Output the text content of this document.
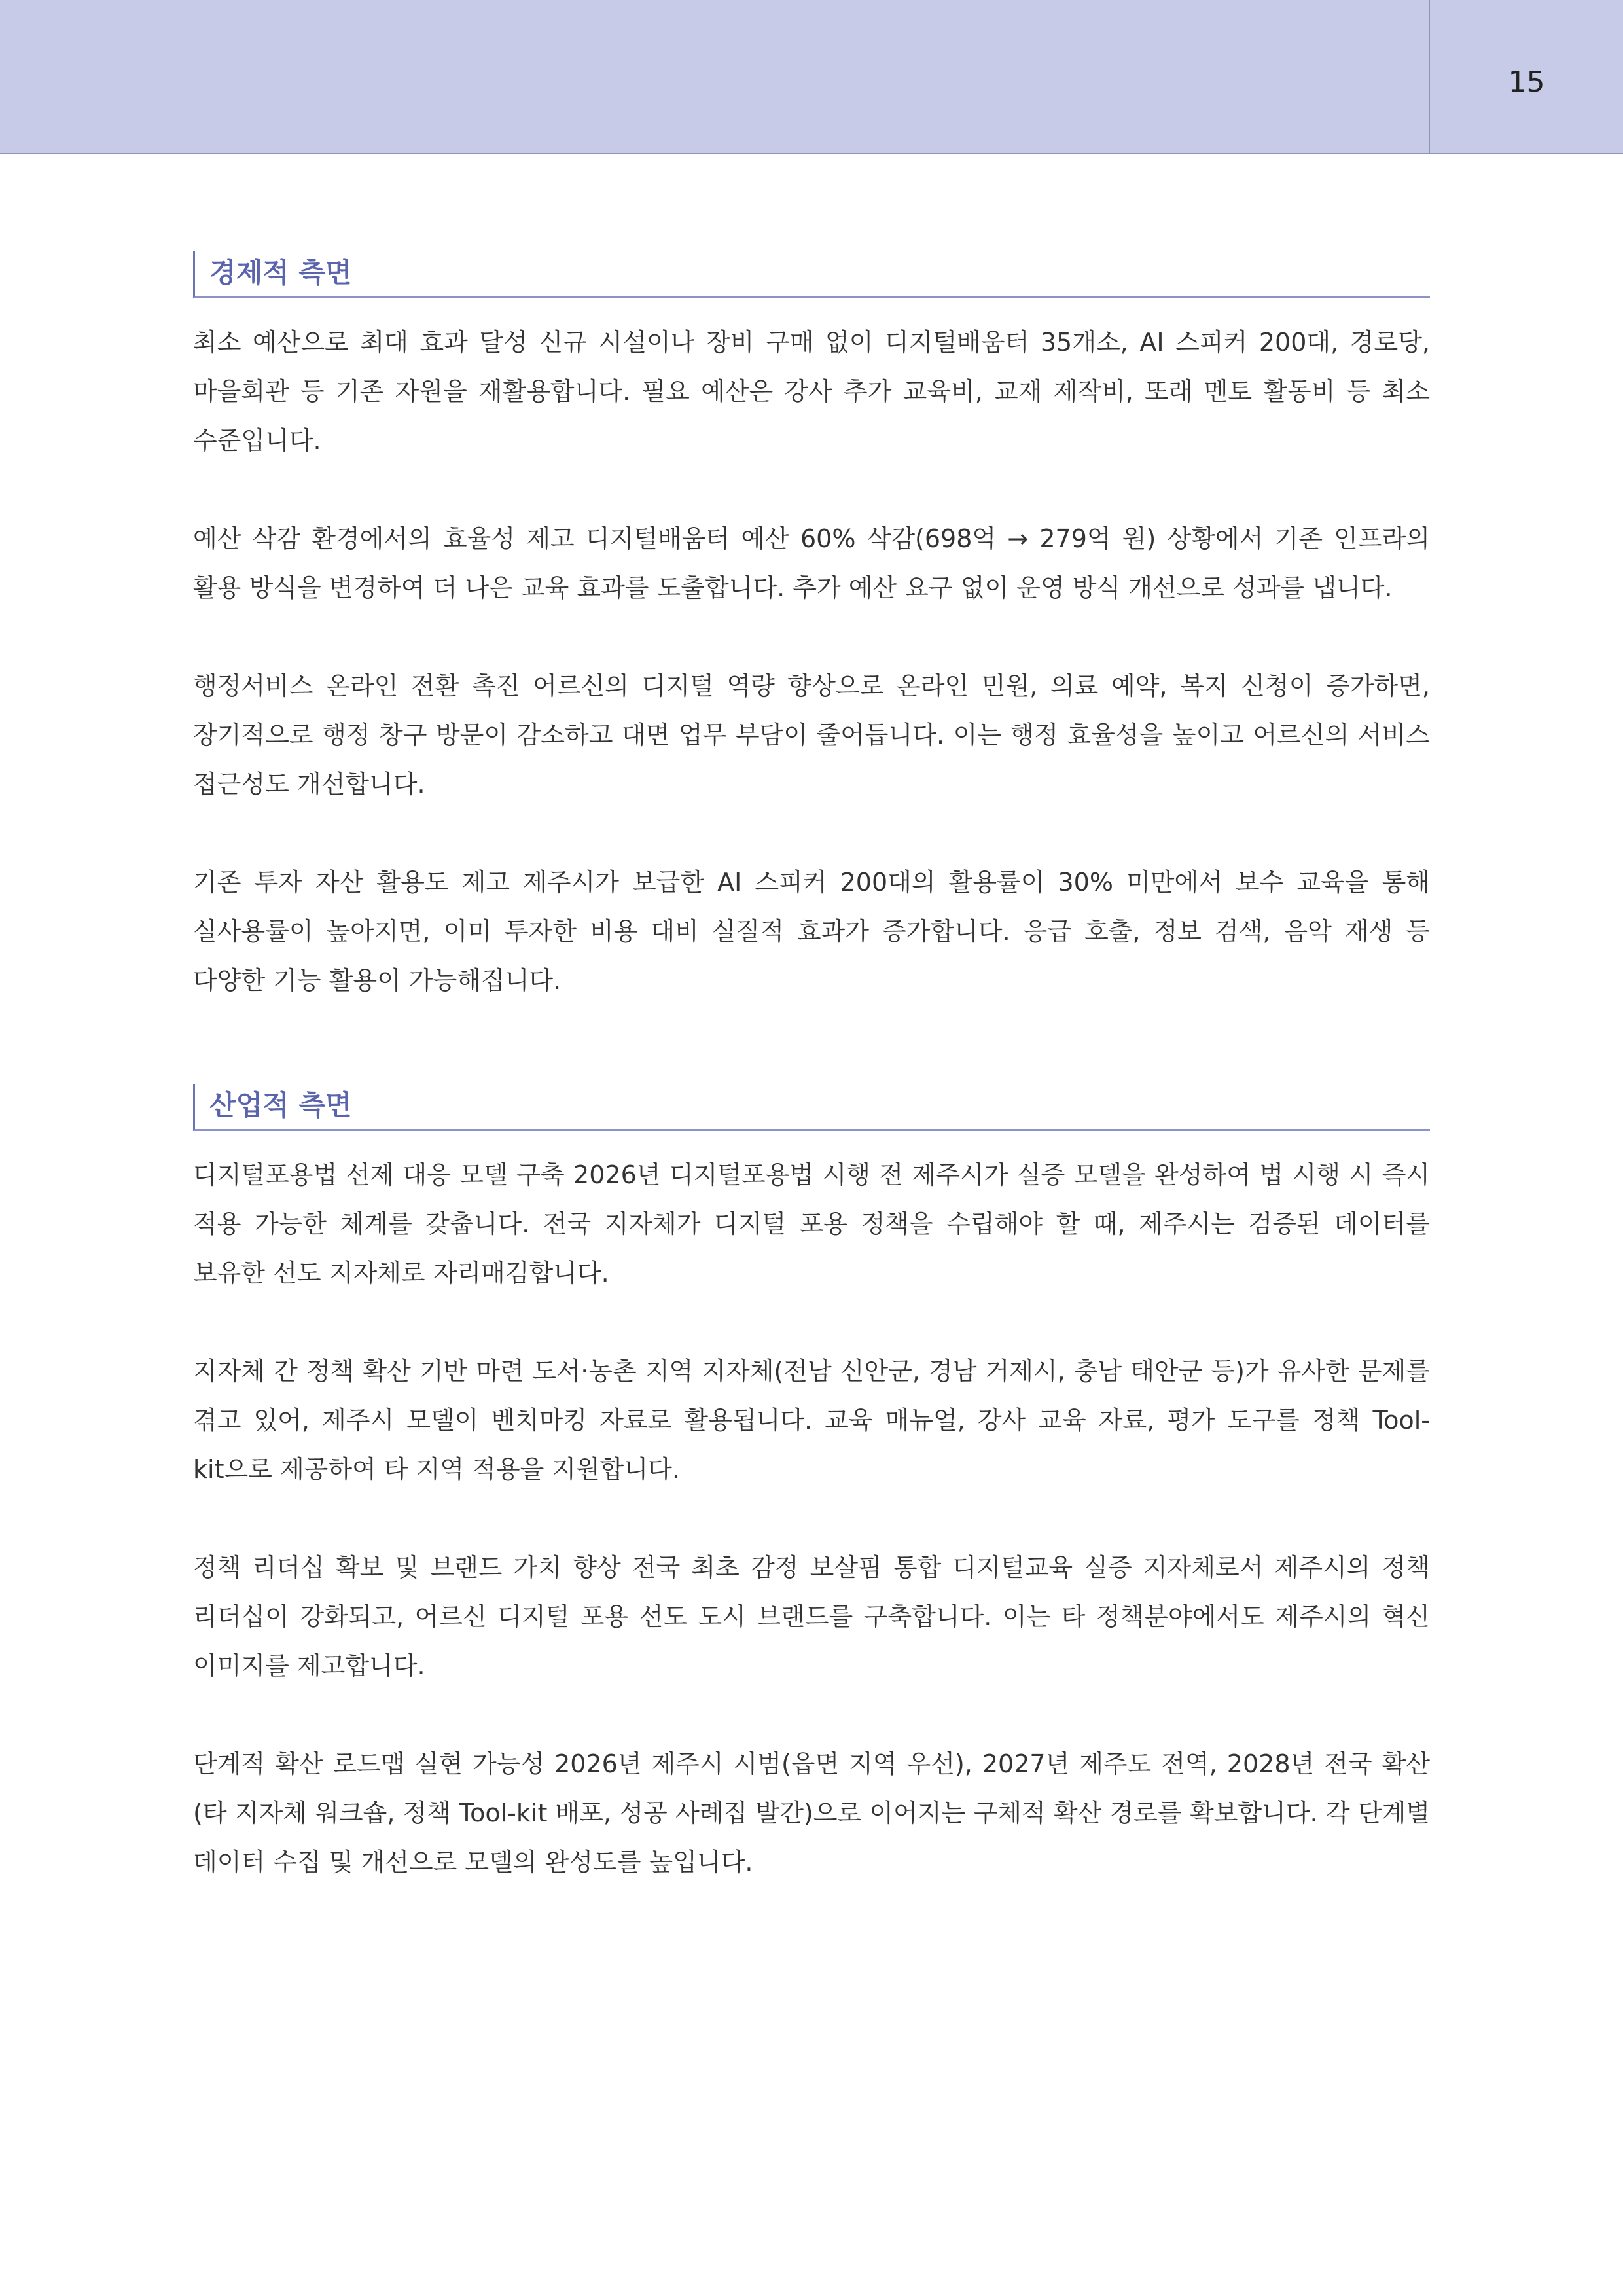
15
경제적 측면

최소 예산으로 최대 효과 달성 신규 시설이나 장비 구매 없이 디지털배움터 35개소, AI 스피커 200대, 경로당, 마을회관 등 기존 자원을 재활용합니다. 필요 예산은 강사 추가 교육비, 교재 제작비, 또래 멘토 활동비 등 최소 수준입니다.

예산 삭감 환경에서의 효율성 제고 디지털배움터 예산 60% 삭감(698억 → 279억 원) 상황에서 기존 인프라의 활용 방식을 변경하여 더 나은 교육 효과를 도출합니다. 추가 예산 요구 없이 운영 방식 개선으로 성과를 냅니다.

행정서비스 온라인 전환 촉진 어르신의 디지털 역량 향상으로 온라인 민원, 의료 예약, 복지 신청이 증가하면, 장기적으로 행정 창구 방문이 감소하고 대면 업무 부담이 줄어듭니다. 이는 행정 효율성을 높이고 어르신의 서비스 접근성도 개선합니다.

기존 투자 자산 활용도 제고 제주시가 보급한 AI 스피커 200대의 활용률이 30% 미만에서 보수 교육을 통해 실사용률이 높아지면, 이미 투자한 비용 대비 실질적 효과가 증가합니다. 응급 호출, 정보 검색, 음악 재생 등 다양한 기능 활용이 가능해집니다.

산업적 측면

디지털포용법 선제 대응 모델 구축 2026년 디지털포용법 시행 전 제주시가 실증 모델을 완성하여 법 시행 시 즉시 적용 가능한 체계를 갖춥니다. 전국 지자체가 디지털 포용 정책을 수립해야 할 때, 제주시는 검증된 데이터를 보유한 선도 지자체로 자리매김합니다.

지자체 간 정책 확산 기반 마련 도서·농촌 지역 지자체(전남 신안군, 경남 거제시, 충남 태안군 등)가 유사한 문제를 겪고 있어, 제주시 모델이 벤치마킹 자료로 활용됩니다. 교육 매뉴얼, 강사 교육 자료, 평가 도구를 정책 Tool-kit으로 제공하여 타 지역 적용을 지원합니다.

정책 리더십 확보 및 브랜드 가치 향상 전국 최초 감정 보살핌 통합 디지털교육 실증 지자체로서 제주시의 정책 리더십이 강화되고, 어르신 디지털 포용 선도 도시 브랜드를 구축합니다. 이는 타 정책분야에서도 제주시의 혁신 이미지를 제고합니다.

단계적 확산 로드맵 실현 가능성 2026년 제주시 시범(읍면 지역 우선), 2027년 제주도 전역, 2028년 전국 확산(타 지자체 워크숍, 정책 Tool-kit 배포, 성공 사례집 발간)으로 이어지는 구체적 확산 경로를 확보합니다. 각 단계별 데이터 수집 및 개선으로 모델의 완성도를 높입니다.
